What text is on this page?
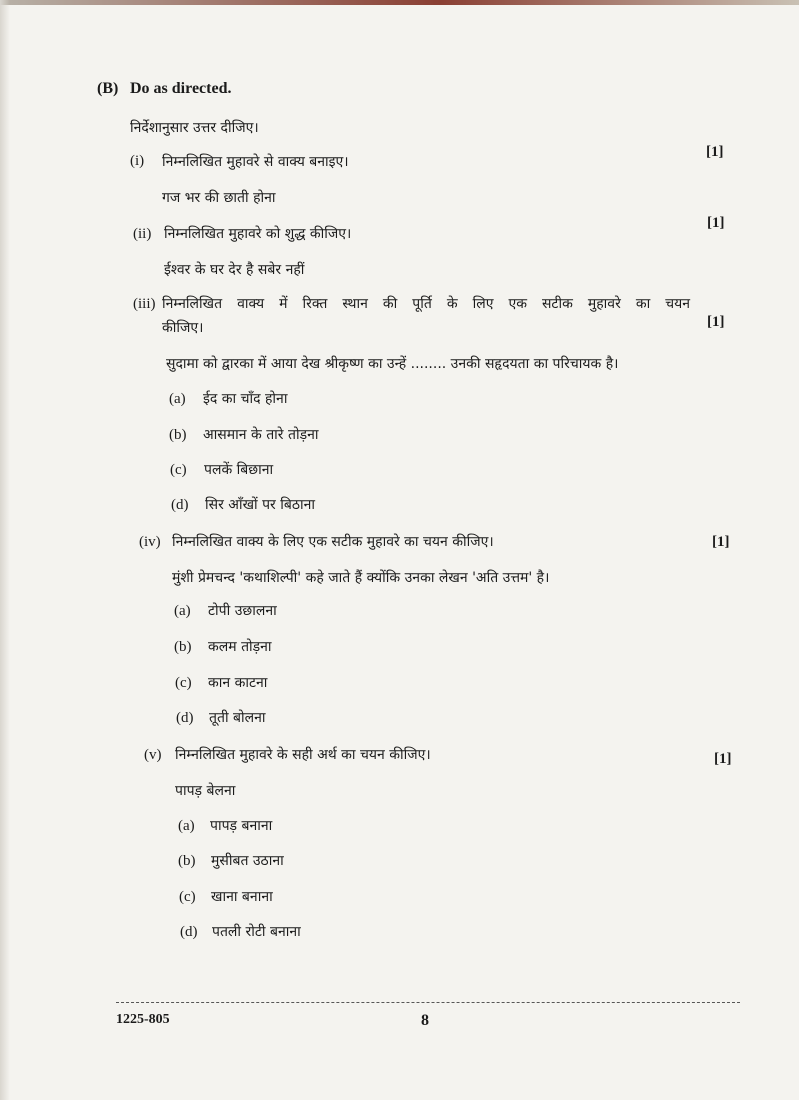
(B) Do as directed.
निर्देशानुसार उत्तर दीजिए।
(i) निम्नलिखित मुहावरे से वाक्य बनाइए।
[1]
गज भर की छाती होना
(ii) निम्नलिखित मुहावरे को शुद्ध कीजिए।
[1]
ईश्वर के घर देर है सबेर नहीं
(iii) निम्नलिखित वाक्य में रिक्त स्थान की पूर्ति के लिए एक सटीक मुहावरे का चयन
कीजिए।	[1]
सुदामा को द्वारका में आया देख श्रीकृष्ण का उन्हें ........ उनकी सहृदयता का परिचायक है।
(a) ईद का चाँद होना
(b) आसमान के तारे तोड़ना
(c) पलकें बिछाना
(d) सिर आँखों पर बिठाना
(iv) निम्नलिखित वाक्य के लिए एक सटीक मुहावरे का चयन कीजिए।	[1]
मुंशी प्रेमचन्द 'कथाशिल्पी' कहे जाते हैं क्योंकि उनका लेखन 'अति उत्तम' है।
(a) टोपी उछालना
(b) कलम तोड़ना
(c) कान काटना
(d) तूती बोलना
(v) निम्नलिखित मुहावरे के सही अर्थ का चयन कीजिए।	[1]
पापड़ बेलना
(a) पापड़ बनाना
(b) मुसीबत उठाना
(c) खाना बनाना
(d) पतली रोटी बनाना
1225-805	8
